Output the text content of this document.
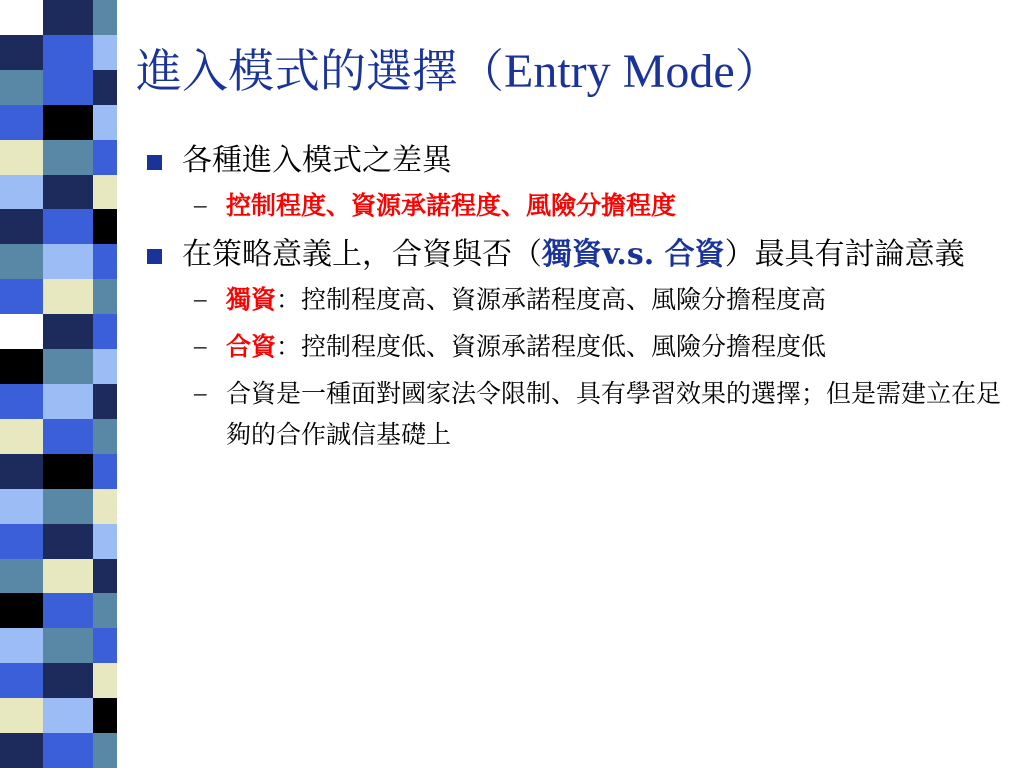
進入模式的選擇（Entry Mode）
各種進入模式之差異
– 控制程度、資源承諾程度、風險分擔程度
在策略意義上，合資與否（獨資v.s. 合資）最具有討論意義
– 獨資：控制程度高、資源承諾程度高、風險分擔程度高
– 合資：控制程度低、資源承諾程度低、風險分擔程度低
– 合資是一種面對國家法令限制、具有學習效果的選擇；但是需建立在足夠的合作誠信基礎上
